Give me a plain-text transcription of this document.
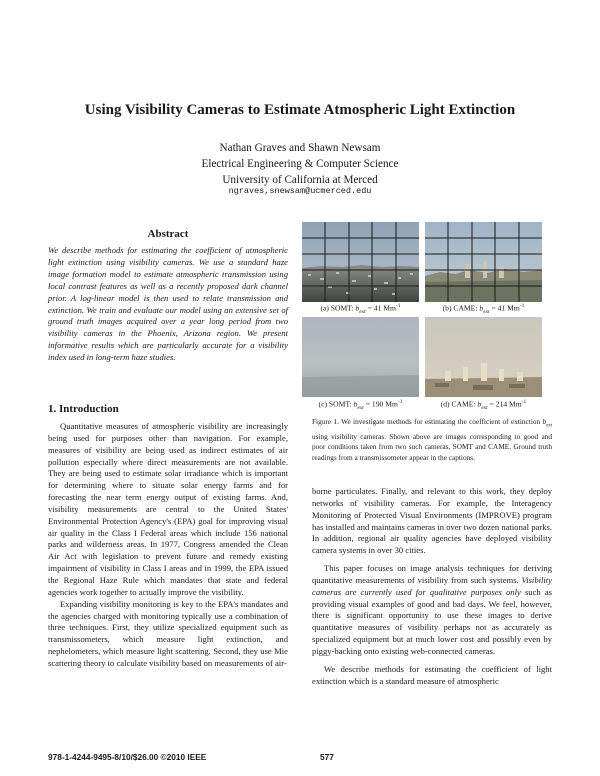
Using Visibility Cameras to Estimate Atmospheric Light Extinction
Nathan Graves and Shawn Newsam
Electrical Engineering & Computer Science
University of California at Merced
ngraves,snewsam@ucmerced.edu
Abstract
We describe methods for estimating the coefficient of atmospheric light extinction using visibility cameras. We use a standard haze image formation model to estimate atmospheric transmission using local contrast features as well as a recently proposed dark channel prior. A log-linear model is then used to relate transmission and extinction. We train and evaluate our model using an extensive set of ground truth images acquired over a year long period from two visibility cameras in the Phoenix, Arizona region. We present informative results which are particularly accurate for a visibility index used in long-term haze studies.
1. Introduction

Quantitative measures of atmospheric visibility are increasingly being used for purposes other than navigation. For example, measures of visibility are being used as indirect estimates of air pollution especially where direct measurements are not available. They are being used to estimate solar irradiance which is important for determining where to situate solar energy farms and for forecasting the near term energy output of existing farms. And, visibility measurements are central to the United States' Environmental Protection Agency's (EPA) goal for improving visual air quality in the Class I Federal areas which include 156 national parks and wilderness areas. In 1977, Congress amended the Clean Air Act with legislation to prevent future and remedy existing impairment of visibility in Class I areas and in 1999, the EPA issued the Regional Haze Rule which mandates that state and federal agencies work together to actually improve the visibility.

Expanding visibility monitoring is key to the EPA's mandates and the agencies charged with monitoring typically use a combination of three techniques. First, they utilize specialized equipment such as transmissometers, which measure light extinction, and nephelometers, which measure light scattering. Second, they use Mie scattering theory to calculate visibility based on measurements of air-

(a) SOMT: $b_{ext} = 41$ $Mm^{-1}$	(b) CAME: $b_{ext} = 41$ $Mm^{-1}$
(c) SOMT: $b_{ext} = 190$ $Mm^{-1}$	(d) CAME: $b_{ext} = 214$ $Mm^{-1}$
Figure 1. We investigate methods for estimating the coefficient of extinction $b_{ext}$ using visibility cameras. Shown above are images corresponding to good and poor conditions taken from two such cameras, SOMT and CAME. Ground truth readings from a transmissometer appear in the captions.

borne particulates. Finally, and relevant to this work, they deploy networks of visibility cameras. For example, the Interagency Monitoring of Protected Visual Environments (IMPROVE) program has installed and maintains cameras in over two dozen national parks. In addition, regional air quality agencies have deployed visibility camera systems in over 30 cities.

This paper focuses on image analysis techniques for deriving quantitative measurements of visibility from such systems. Visibility cameras are currently used for qualitative purposes only such as providing visual examples of good and bad days. We feel, however, there is significant opportunity to use these images to derive quantitative measures of visibility perhaps not as accurately as specialized equipment but at much lower cost and possibly even by piggy-backing onto existing web-connected cameras.

We describe methods for estimating the coefficient of light extinction which is a standard measure of atmospheric

978-1-4244-9495-8/10/$26.00 ©2010 IEEE	577
